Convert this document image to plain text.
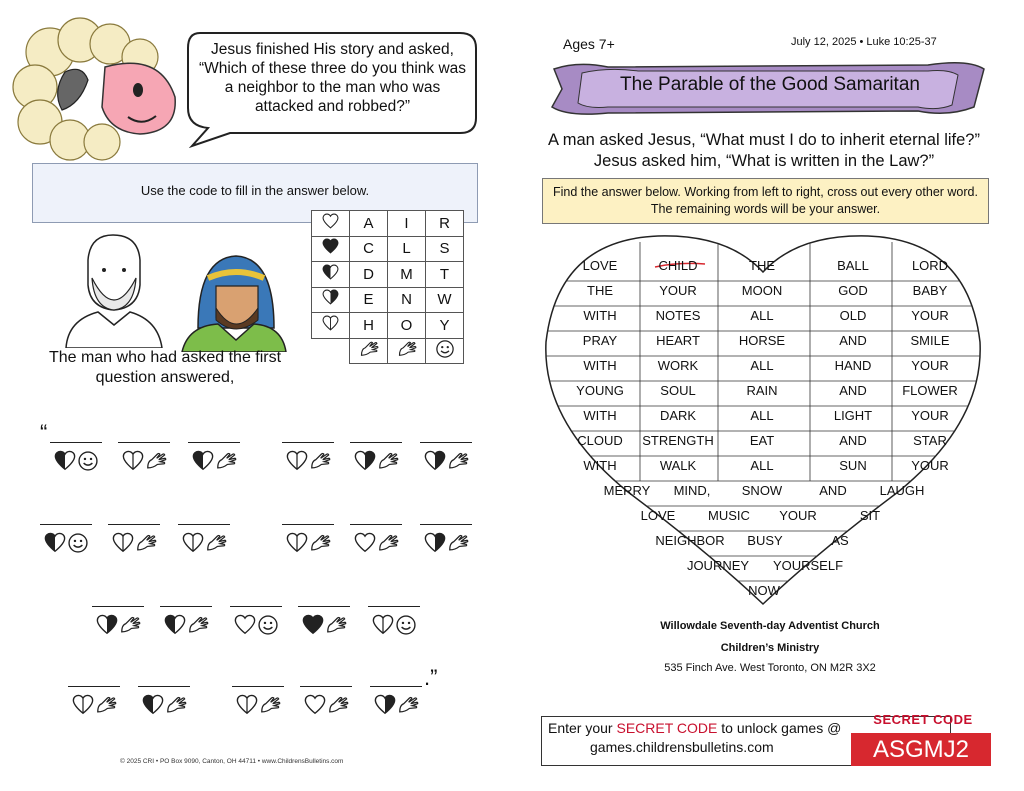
Jesus finished His story and asked, “Which of these three do you think was a neighbor to the man who was attacked and robbed?”
Use the code to fill in the answer below.
	A	I	R
	C	L	S
	D	M	T
	E	N	W
	H	O	Y

The man who had asked the first question answered,
“
.”
© 2025 CRI • PO Box 9090, Canton, OH 44711 • www.ChildrensBulletins.com
Ages 7+	July 12, 2025 • Luke 10:25-37
The Parable of the Good Samaritan
A man asked Jesus, “What must I do to inherit eternal life?” Jesus asked him, “What is written in the Law?”
Find the answer below. Working from left to right, cross out every other word. The remaining words will be your answer.
LOVE	CHILD	THE	BALL	LORD
THE	YOUR	MOON	GOD	BABY
WITH	NOTES	ALL	OLD	YOUR
PRAY	HEART	HORSE	AND	SMILE
WITH	WORK	ALL	HAND	YOUR
YOUNG	SOUL	RAIN	AND	FLOWER
WITH	DARK	ALL	LIGHT	YOUR
CLOUD	STRENGTH	EAT	AND	STAR
WITH	WALK	ALL	SUN	YOUR
MERRY	MIND,	SNOW	AND	LAUGH
LOVE	MUSIC	YOUR	SIT
NEIGHBOR	BUSY	AS
JOURNEY	YOURSELF
NOW
Willowdale Seventh-day Adventist Church
Children’s Ministry
535 Finch Ave. West Toronto, ON M2R 3X2
Enter your SECRET CODE to unlock games @
games.childrensbulletins.com
SECRET CODE
ASGMJ2
